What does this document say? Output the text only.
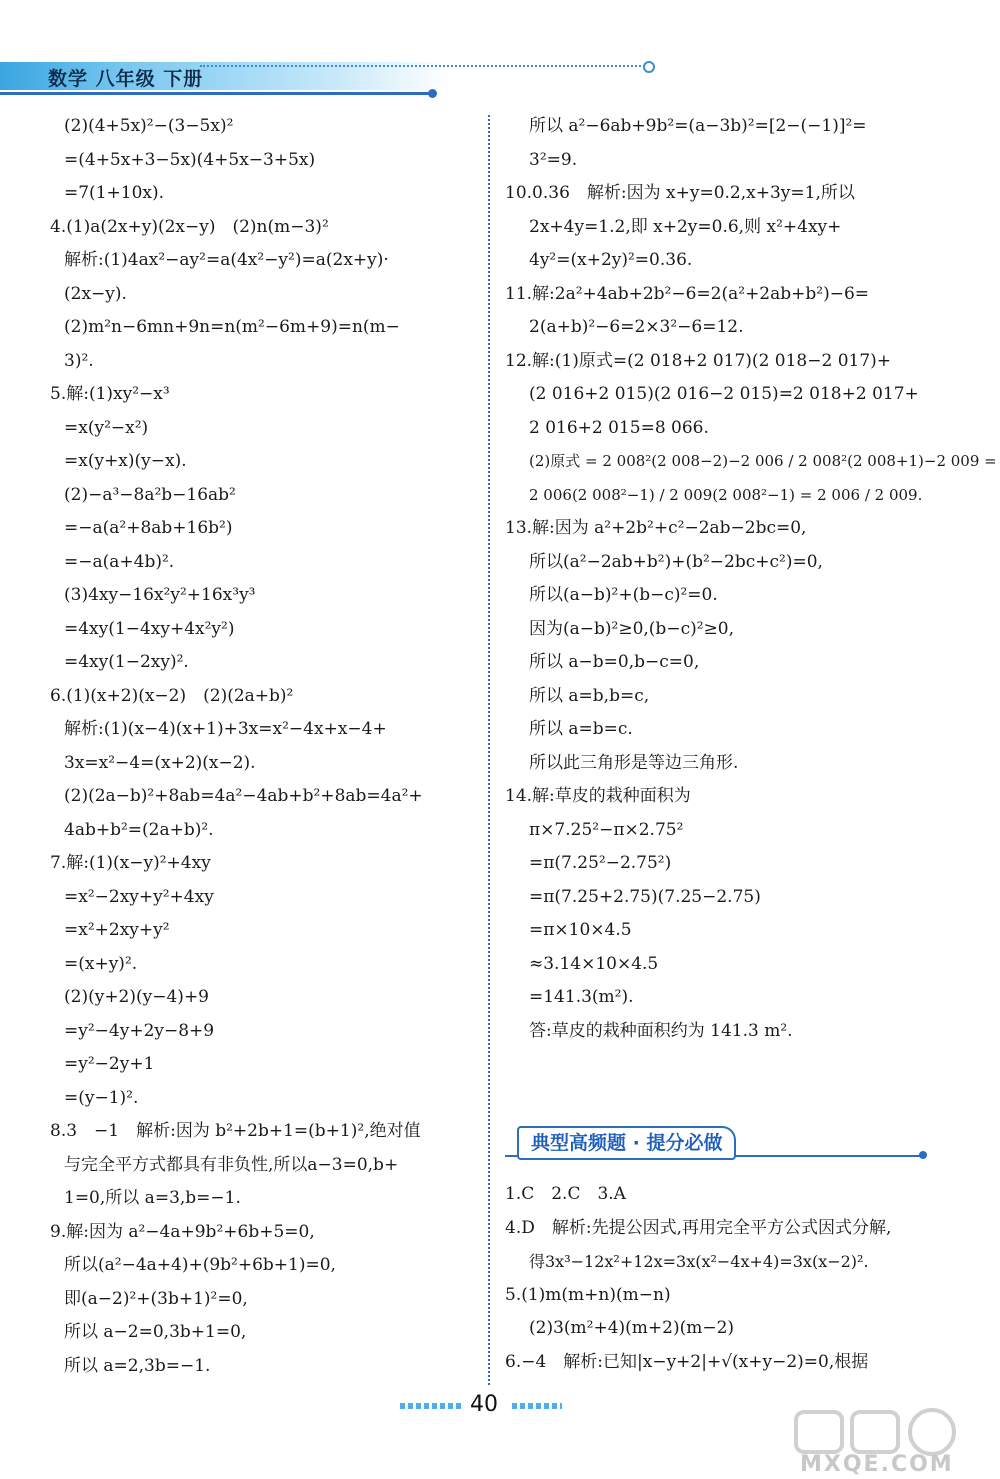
数学 八年级 下册
(2)(4+5x)²−(3−5x)²
=(4+5x+3−5x)(4+5x−3+5x)
=7(1+10x).
4.(1)a(2x+y)(2x−y)　(2)n(m−3)²
解析:(1)4ax²−ay²=a(4x²−y²)=a(2x+y)·
(2x−y).
(2)m²n−6mn+9n=n(m²−6m+9)=n(m−
3)².
5.解:(1)xy²−x³
=x(y²−x²)
=x(y+x)(y−x).
(2)−a³−8a²b−16ab²
=−a(a²+8ab+16b²)
=−a(a+4b)².
(3)4xy−16x²y²+16x³y³
=4xy(1−4xy+4x²y²)
=4xy(1−2xy)².
6.(1)(x+2)(x−2)　(2)(2a+b)²
解析:(1)(x−4)(x+1)+3x=x²−4x+x−4+
3x=x²−4=(x+2)(x−2).
(2)(2a−b)²+8ab=4a²−4ab+b²+8ab=4a²+
4ab+b²=(2a+b)².
7.解:(1)(x−y)²+4xy
=x²−2xy+y²+4xy
=x²+2xy+y²
=(x+y)².
(2)(y+2)(y−4)+9
=y²−4y+2y−8+9
=y²−2y+1
=(y−1)².
8.3　−1　解析:因为 b²+2b+1=(b+1)²,绝对值
与完全平方式都具有非负性,所以a−3=0,b+
1=0,所以 a=3,b=−1.
9.解:因为 a²−4a+9b²+6b+5=0,
所以(a²−4a+4)+(9b²+6b+1)=0,
即(a−2)²+(3b+1)²=0,
所以 a−2=0,3b+1=0,
所以 a=2,3b=−1.
所以 a²−6ab+9b²=(a−3b)²=[2−(−1)]²=
3²=9.
10.0.36　解析:因为 x+y=0.2,x+3y=1,所以
2x+4y=1.2,即 x+2y=0.6,则 x²+4xy+
4y²=(x+2y)²=0.36.
11.解:2a²+4ab+2b²−6=2(a²+2ab+b²)−6=
2(a+b)²−6=2×3²−6=12.
12.解:(1)原式=(2 018+2 017)(2 018−2 017)+
(2 016+2 015)(2 016−2 015)=2 018+2 017+
2 016+2 015=8 066.
(2)原式 = 2 008²(2 008−2)−2 006 / 2 008²(2 008+1)−2 009 =
2 006(2 008²−1) / 2 009(2 008²−1) = 2 006 / 2 009.
13.解:因为 a²+2b²+c²−2ab−2bc=0,
所以(a²−2ab+b²)+(b²−2bc+c²)=0,
所以(a−b)²+(b−c)²=0.
因为(a−b)²≥0,(b−c)²≥0,
所以 a−b=0,b−c=0,
所以 a=b,b=c,
所以 a=b=c.
所以此三角形是等边三角形.
14.解:草皮的栽种面积为
π×7.25²−π×2.75²
=π(7.25²−2.75²)
=π(7.25+2.75)(7.25−2.75)
=π×10×4.5
≈3.14×10×4.5
=141.3(m²).
答:草皮的栽种面积约为 141.3 m².
典型高频题 · 提分必做
1.C　2.C　3.A
4.D　解析:先提公因式,再用完全平方公式因式分解,
得3x³−12x²+12x=3x(x²−4x+4)=3x(x−2)².
5.(1)m(m+n)(m−n)
(2)3(m²+4)(m+2)(m−2)
6.−4　解析:已知|x−y+2|+√(x+y−2)=0,根据
40
MXQE.COM
